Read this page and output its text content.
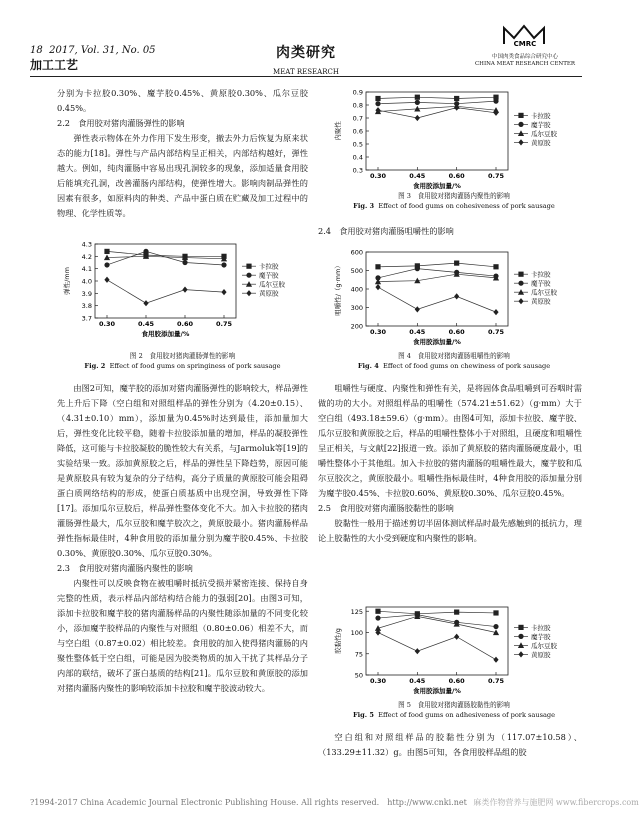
18 2017, Vol. 31, No. 05
加工工艺
肉类研究
MEAT RESEARCH
CMRC
中国肉类食品综合研究中心
CHINA MEAT RESEARCH CENTER

分别为卡拉胶0.30%、魔芋胶0.45%、黄原胶0.30%、瓜尔豆胶0.45%。

2.2　食用胶对猪肉灌肠弹性的影响

弹性表示物体在外力作用下发生形变，撤去外力后恢复为原来状态的能力[18]。弹性与产品内部结构呈正相关，内部结构越好，弹性越大。例如，纯肉灌肠中容易出现孔洞较多的现象，添加适量食用胶后能填充孔洞，改善灌肠内部结构，使弹性增大。影响肉制品弹性的因素有很多，如原料肉的种类、产品中蛋白质在贮藏及加工过程中的物理、化学性质等。

3.7
3.8
3.9
4.0
4.1
4.2
4.3
0.30	0.45	0.60	0.75
食用胶添加量/%
弹性/mm
卡拉胶
魔芋胶
瓜尔豆胶
黄原胶
图 2　食用胶对猪肉灌肠弹性的影响
Fig. 2 Effect of food gums on springiness of pork sausage

由图2可知，魔芋胶的添加对猪肉灌肠弹性的影响较大，样品弹性先上升后下降（空白组和对照组样品的弹性分别为（4.20±0.15）、（4.31±0.10）mm），添加量为0.45%时达到最佳，添加量加大后，弹性变化比较平稳，随着卡拉胶添加量的增加，样品的凝胶弹性降低，这可能与卡拉胶凝胶的脆性较大有关系，与Jarmoluk等[19]的实验结果一致。添加黄原胶之后，样品的弹性呈下降趋势，原因可能是黄原胶具有较为复杂的分子结构，高分子质量的黄原胶可能会阻碍蛋白质网络结构的形成，使蛋白质基质中出现空洞，导致弹性下降[17]。添加瓜尔豆胶后，样品弹性整体变化不大。加入卡拉胶的猪肉灌肠弹性最大，瓜尔豆胶和魔芋胶次之，黄原胶最小。猪肉灌肠样品弹性指标最佳时，4种食用胶的添加量分别为魔芋胶0.45%、卡拉胶0.30%、黄原胶0.30%、瓜尔豆胶0.30%。

2.3　食用胶对猪肉灌肠内聚性的影响

内聚性可以反映食物在被咀嚼时抵抗受损并紧密连接、保持自身完整的性质，表示样品内部结构结合能力的强弱[20]。由图3可知，添加卡拉胶和魔芋胶的猪肉灌肠样品的内聚性随添加量的不同变化较小，添加魔芋胶样品的内聚性与对照组（0.80±0.06）相差不大，而与空白组（0.87±0.02）相比较差。食用胶的加入使得猪肉灌肠的内聚性整体低于空白组，可能是因为胶类物质的加入干扰了其样品分子内部的联结，破坏了蛋白基质的结构[21]。瓜尔豆胶和黄原胶的添加对猪肉灌肠内聚性的影响较添加卡拉胶和魔芋胶波动较大。

0.3
0.4
0.5
0.6
0.7
0.8
0.9
0.30	0.45	0.60	0.75
食用胶添加量/%
内聚性
卡拉胶
魔芋胶
瓜尔豆胶
黄原胶
图 3　食用胶对猪肉灌肠内聚性的影响
Fig. 3 Effect of food gums on cohesiveness of pork sausage

2.4　食用胶对猪肉灌肠咀嚼性的影响

200
300
400
500
600
0.30	0.45	0.60	0.75
食用胶添加量/%
咀嚼性/（g·mm）	卡拉胶
魔芋胶
瓜尔豆胶
黄原胶
图 4　食用胶对猪肉灌肠咀嚼性的影响
Fig. 4 Effect of food gums on chewiness of pork sausage

咀嚼性与硬度、内聚性和弹性有关，是将固体食品咀嚼到可吞咽时需做的功的大小。对照组样品的咀嚼性（574.21±51.62）（g·mm）大于空白组（493.18±59.6）（g·mm）。由图4可知，添加卡拉胶、魔芋胶、瓜尔豆胶和黄原胶之后，样品的咀嚼性整体小于对照组，且硬度和咀嚼性呈正相关，与文献[22]报道一致。添加了黄原胶的猪肉灌肠硬度最小，咀嚼性整体小于其他组。加入卡拉胶的猪肉灌肠的咀嚼性最大，魔芋胶和瓜尔豆胶次之，黄原胶最小。咀嚼性指标最佳时，4种食用胶的添加量分别为魔芋胶0.45%、卡拉胶0.60%、黄原胶0.30%、瓜尔豆胶0.45%。

2.5　食用胶对猪肉灌肠胶黏性的影响

胶黏性一般用于描述剪切半固体测试样品时最先感触到的抵抗力，理论上胶黏性的大小受到硬度和内聚性的影响。

50
75
100
125
0.30	0.45	0.60	0.75
食用胶添加量/%
胶黏性/g
卡拉胶
魔芋胶
瓜尔豆胶
黄原胶
图 5　食用胶对猪肉灌肠胶黏性的影响
Fig. 5 Effect of food gums on adhesiveness of pork sausage

空白组和对照组样品的胶黏性分别为（117.07±10.58）、（133.29±11.32）g。由图5可知，各食用胶样品组的胶

?1994-2017 China Academic Journal Electronic Publishing House. All rights reserved.　http://www.cnki.net 麻类作物营养与施肥网 www.fibercrops.com
